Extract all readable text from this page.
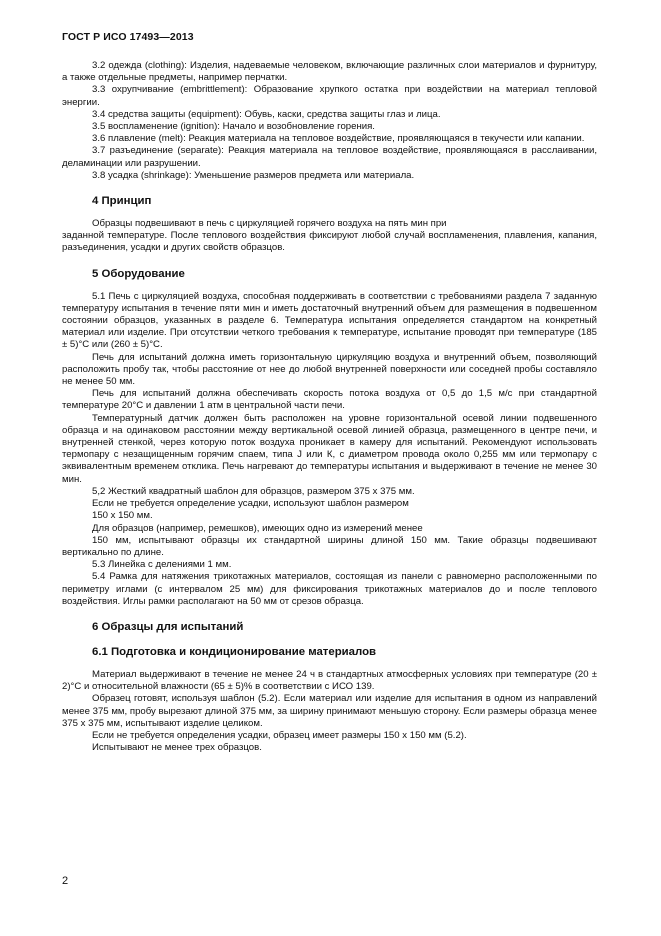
ГОСТ Р ИСО 17493—2013

3.2 одежда (clothing): Изделия, надеваемые человеком, включающие различных слои материалов и фурнитуру, а также отдельные предметы, например перчатки.

3.3 охрупчивание (embrittlement): Образование хрупкого остатка при воздействии на материал тепловой энергии.

3.4 средства защиты (equipment): Обувь, каски, средства защиты глаз и лица.

3.5 воспламенение (ignition): Начало и возобновление горения.

3.6 плавление (melt): Реакция материала на тепловое воздействие, проявляющаяся в текучести или капании.

3.7 разъединение (separate): Реакция материала на тепловое воздействие, проявляющаяся в расслаивании, деламинации или разрушении.

3.8 усадка (shrinkage): Уменьшение размеров предмета или материала.

4 Принцип

Образцы подвешивают в печь с циркуляцией горячего воздуха на пять мин при

заданной температуре. После теплового воздействия фиксируют любой случай воспламенения, плавления, капания, разъединения, усадки и других свойств образцов.

5 Оборудование

5.1 Печь с циркуляцией воздуха, способная поддерживать в соответствии с требованиями раздела 7 заданную температуру испытания в течение пяти мин и иметь достаточный внутренний объем для размещения в подвешенном состоянии образцов, указанных в разделе 6. Температура испытания определяется стандартом на конкретный материал или изделие. При отсутствии четкого требования к температуре, испытание проводят при температуре (185 ± 5)°С или (260 ± 5)°С.

Печь для испытаний должна иметь горизонтальную циркуляцию воздуха и внутренний объем, позволяющий расположить пробу так, чтобы расстояние от нее до любой внутренней поверхности или соседней пробы составляло не менее 50 мм.

Печь для испытаний должна обеспечивать скорость потока воздуха от 0,5 до 1,5 м/с при стандартной температуре 20°С и давлении 1 атм в центральной части печи.

Температурный датчик должен быть расположен на уровне горизонтальной осевой линии подвешенного образца и на одинаковом расстоянии между вертикальной осевой линией образца, размещенного в центре печи, и внутренней стенкой, через которую поток воздуха проникает в камеру для испытаний. Рекомендуют использовать термопару с незащищенным горячим спаем, типа J или К, с диаметром провода около 0,255 мм или термопару с эквивалентным временем отклика. Печь нагревают до температуры испытания и выдерживают в течение не менее 30 мин.

5,2 Жесткий квадратный шаблон для образцов, размером 375 х 375 мм.

Если не требуется определение усадки, используют шаблон размером

150 х 150 мм.

Для образцов (например, ремешков), имеющих одно из измерений менее

150 мм, испытывают образцы их стандартной ширины длиной 150 мм. Такие образцы подвешивают вертикально по длине.

5.3 Линейка с делениями 1 мм.

5.4 Рамка для натяжения трикотажных материалов, состоящая из панели с равномерно расположенными по периметру иглами (с интервалом 25 мм) для фиксирования трикотажных материалов до и после теплового воздействия. Иглы рамки располагают на 50 мм от срезов образца.

6 Образцы для испытаний
6.1 Подготовка и кондиционирование материалов

Материал выдерживают в течение не менее 24 ч в стандартных атмосферных условиях при температуре (20 ± 2)°С и относительной влажности (65 ± 5)% в соответствии с ИСО 139.

Образец готовят, используя шаблон (5.2). Если материал или изделие для испытания в одном из направлений менее 375 мм, пробу вырезают длиной 375 мм, за ширину принимают меньшую сторону. Если размеры образца менее 375 х 375 мм, испытывают изделие целиком.

Если не требуется определения усадки, образец имеет размеры 150 х 150 мм (5.2).

Испытывают не менее трех образцов.

2
